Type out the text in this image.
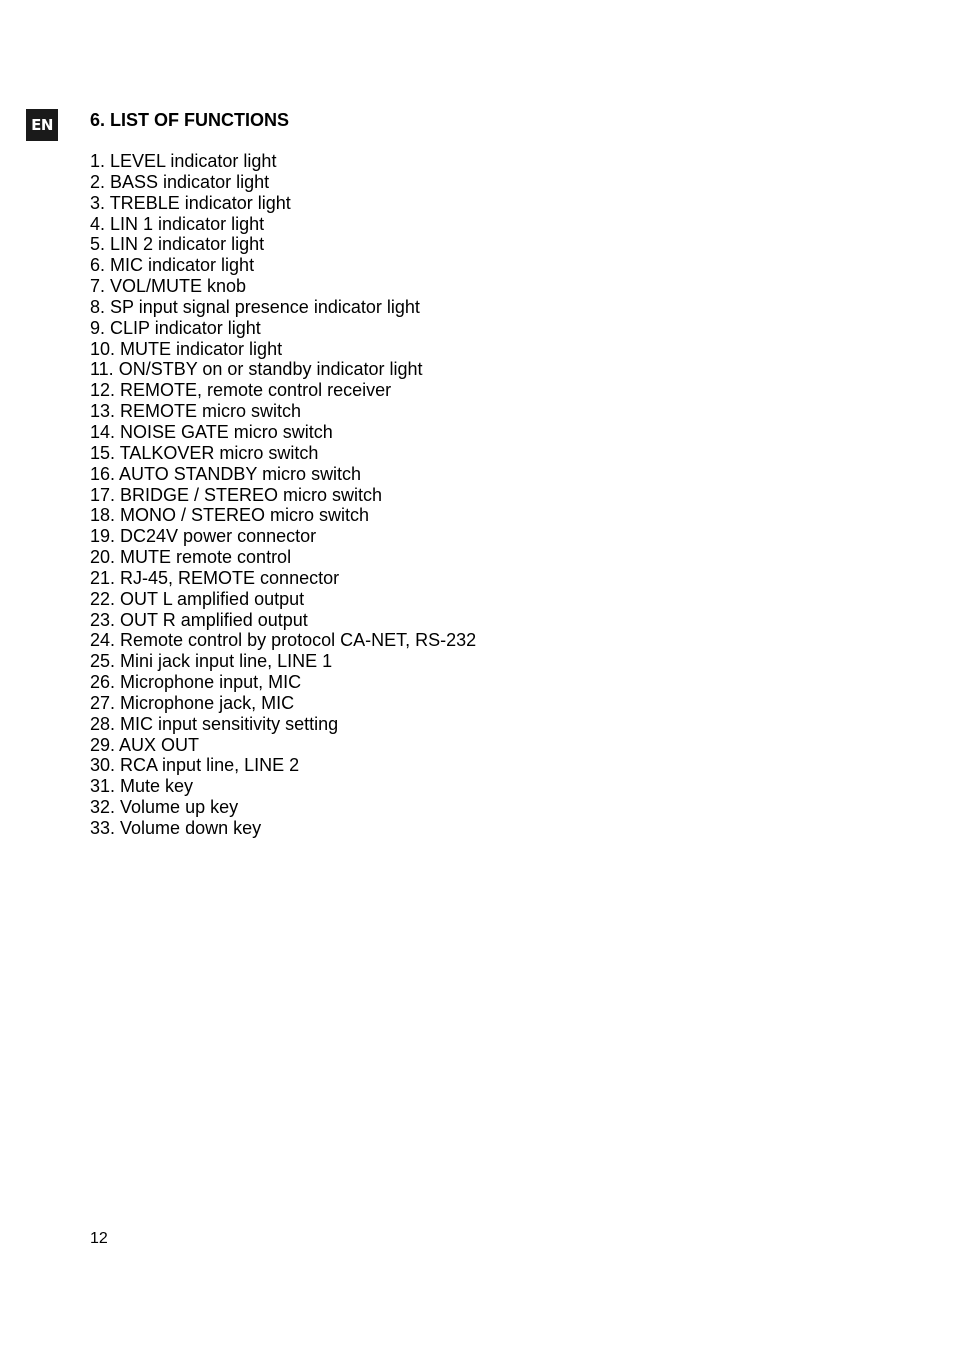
EN 6. LIST OF FUNCTIONS
1. LEVEL indicator light
2. BASS indicator light
3. TREBLE indicator light
4. LIN 1 indicator light
5. LIN 2 indicator light
6. MIC indicator light
7. VOL/MUTE knob
8. SP input signal presence indicator light
9. CLIP indicator light
10. MUTE indicator light
11. ON/STBY on or standby indicator light
12. REMOTE, remote control receiver
13. REMOTE micro switch
14. NOISE GATE micro switch
15. TALKOVER micro switch
16. AUTO STANDBY micro switch
17. BRIDGE / STEREO micro switch
18. MONO / STEREO micro switch
19. DC24V power connector
20. MUTE remote control
21. RJ-45, REMOTE connector
22. OUT L amplified output
23. OUT R amplified output
24. Remote control by protocol CA-NET, RS-232
25. Mini jack input line, LINE 1
26. Microphone input, MIC
27. Microphone jack, MIC
28. MIC input sensitivity setting
29. AUX OUT
30. RCA input line, LINE 2
31. Mute key
32. Volume up key
33. Volume down key
12
